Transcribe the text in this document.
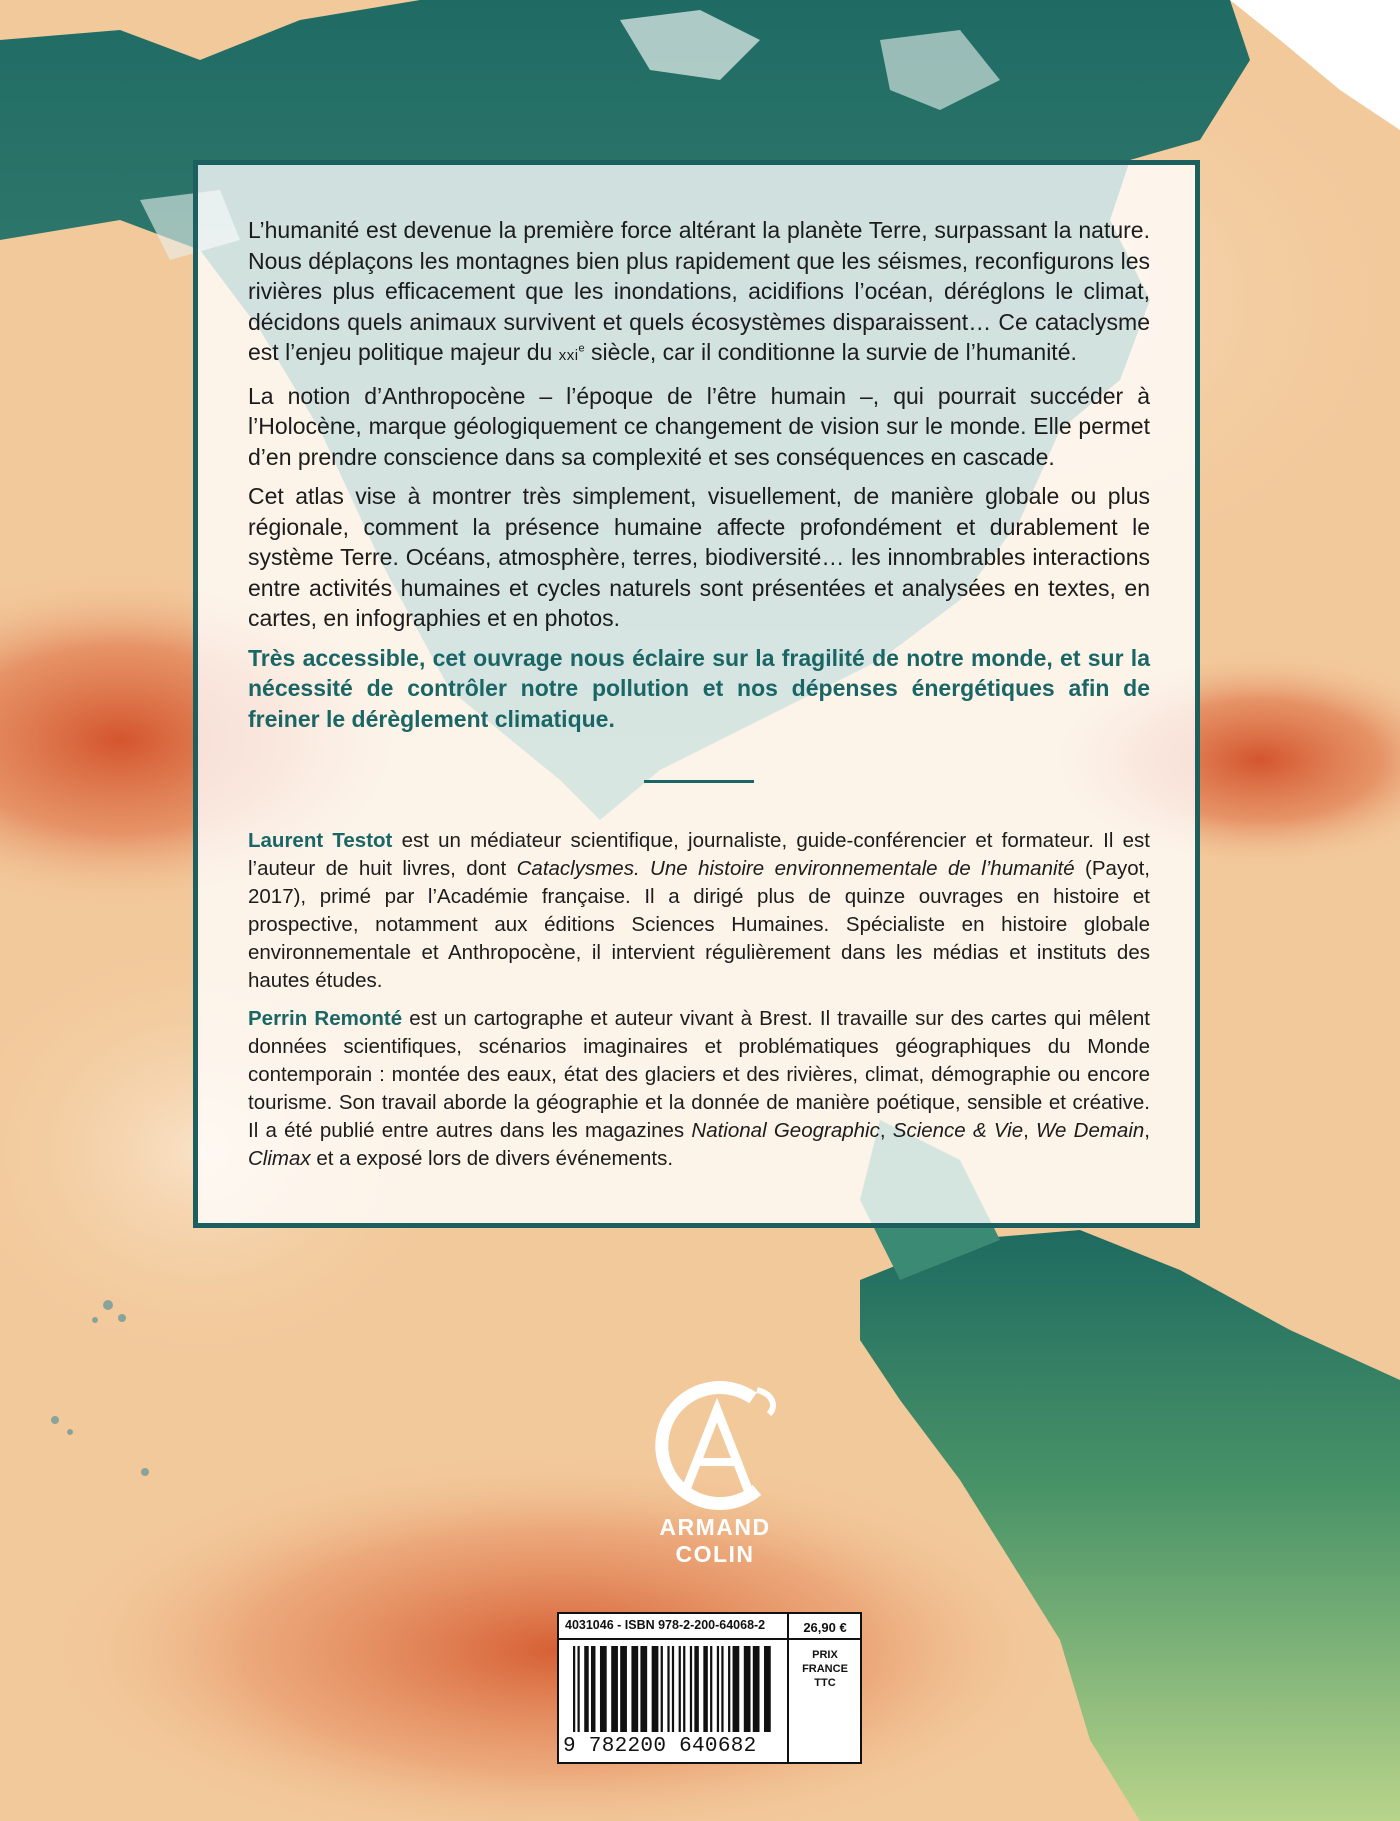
L’humanité est devenue la première force altérant la planète Terre, surpassant la nature. Nous déplaçons les montagnes bien plus rapidement que les séismes, reconfigurons les rivières plus efficacement que les inondations, acidifions l’océan, déréglons le climat, décidons quels animaux survivent et quels écosystèmes disparaissent… Ce cataclysme est l’enjeu politique majeur du xxi$^e$ siècle, car il conditionne la survie de l’humanité.

La notion d’Anthropocène – l’époque de l’être humain –, qui pourrait succéder à l’Holocène, marque géologiquement ce changement de vision sur le monde. Elle permet d’en prendre conscience dans sa complexité et ses conséquences en cascade.

Cet atlas vise à montrer très simplement, visuellement, de manière globale ou plus régionale, comment la présence humaine affecte profondément et durablement le système Terre. Océans, atmosphère, terres, biodiversité… les innombrables interactions entre activités humaines et cycles naturels sont présentées et analysées en textes, en cartes, en infographies et en photos.

Très accessible, cet ouvrage nous éclaire sur la fragilité de notre monde, et sur la nécessité de contrôler notre pollution et nos dépenses énergétiques afin de freiner le dérèglement climatique.

Laurent Testot est un médiateur scientifique, journaliste, guide-conférencier et formateur. Il est l’auteur de huit livres, dont Cataclysmes. Une histoire environnementale de l’humanité (Payot, 2017), primé par l’Académie française. Il a dirigé plus de quinze ouvrages en histoire et prospective, notamment aux éditions Sciences Humaines. Spécialiste en histoire globale environnementale et Anthropocène, il intervient régulièrement dans les médias et instituts des hautes études.

Perrin Remonté est un cartographe et auteur vivant à Brest. Il travaille sur des cartes qui mêlent données scientifiques, scénarios imaginaires et problématiques géographiques du Monde contemporain : montée des eaux, état des glaciers et des rivières, climat, démographie ou encore tourisme. Son travail aborde la géographie et la donnée de manière poétique, sensible et créative. Il a été publié entre autres dans les magazines National Geographic, Science & Vie, We Demain, Climax et a exposé lors de divers événements.

ARMAND COLIN
4031046 - ISBN 978-2-200-64068-2	26,90 €
PRIX
FRANCE
TTC
9 782200 640682
